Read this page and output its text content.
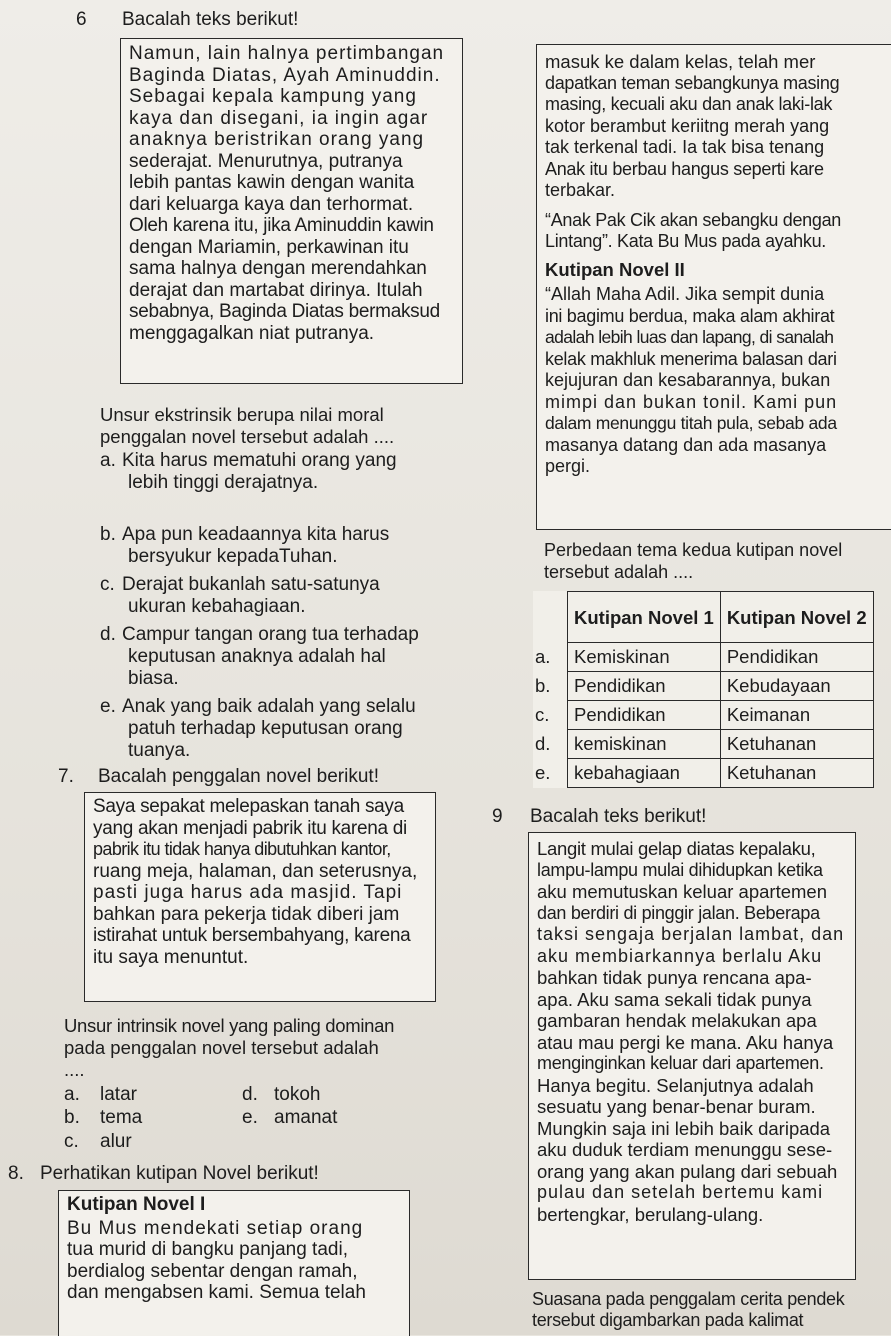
6 Bacalah teks berikut!
Namun, lain halnya pertimbangan
Baginda Diatas, Ayah Aminuddin.
Sebagai kepala kampung yang
kaya dan disegani, ia ingin agar
anaknya beristrikan orang yang
sederajat. Menurutnya, putranya
lebih pantas kawin dengan wanita
dari keluarga kaya dan terhormat.
Oleh karena itu, jika Aminuddin kawin
dengan Mariamin, perkawinan itu
sama halnya dengan merendahkan
derajat dan martabat dirinya. Itulah
sebabnya, Baginda Diatas bermaksud
menggagalkan niat putranya.
Unsur ekstrinsik berupa nilai moral
penggalan novel tersebut adalah ....
a. Kita harus mematuhi orang yang
lebih tinggi derajatnya.
b. Apa pun keadaannya kita harus
bersyukur kepadaTuhan.
c. Derajat bukanlah satu-satunya
ukuran kebahagiaan.
d. Campur tangan orang tua terhadap
keputusan anaknya adalah hal
biasa.
e. Anak yang baik adalah yang selalu
patuh terhadap keputusan orang
tuanya.
7. Bacalah penggalan novel berikut!
Saya sepakat melepaskan tanah saya
yang akan menjadi pabrik itu karena di
pabrik itu tidak hanya dibutuhkan kantor,
ruang meja, halaman, dan seterusnya,
pasti juga harus ada masjid. Tapi
bahkan para pekerja tidak diberi jam
istirahat untuk bersembahyang, karena
itu saya menuntut.
Unsur intrinsik novel yang paling dominan
pada penggalan novel tersebut adalah
....
a. latar	d. tokoh
b. tema	e. amanat
c. alur
8. Perhatikan kutipan Novel berikut!
Kutipan Novel I
Bu Mus mendekati setiap orang
tua murid di bangku panjang tadi,
berdialog sebentar dengan ramah,
dan mengabsen kami. Semua telah
masuk ke dalam kelas, telah mer
dapatkan teman sebangkunya masing
masing, kecuali aku dan anak laki-lak
kotor berambut keriitng merah yang
tak terkenal tadi. Ia tak bisa tenang
Anak itu berbau hangus seperti kare
terbakar.
“Anak Pak Cik akan sebangku dengan
Lintang”. Kata Bu Mus pada ayahku.
Kutipan Novel II
“Allah Maha Adil. Jika sempit dunia
ini bagimu berdua, maka alam akhirat
adalah lebih luas dan lapang, di sanalah
kelak makhluk menerima balasan dari
kejujuran dan kesabarannya, bukan
mimpi dan bukan tonil. Kami pun
dalam menunggu titah pula, sebab ada
masanya datang dan ada masanya
pergi.
Perbedaan tema kedua kutipan novel
tersebut adalah ....
	Kutipan Novel 1	Kutipan Novel 2
a.	Kemiskinan	Pendidikan
b.	Pendidikan	Kebudayaan
c.	Pendidikan	Keimanan
d.	kemiskinan	Ketuhanan
e.	kebahagiaan	Ketuhanan
9 Bacalah teks berikut!
Langit mulai gelap diatas kepalaku,
lampu-lampu mulai dihidupkan ketika
aku memutuskan keluar apartemen
dan berdiri di pinggir jalan. Beberapa
taksi sengaja berjalan lambat, dan
aku membiarkannya berlalu Aku
bahkan tidak punya rencana apa-
apa. Aku sama sekali tidak punya
gambaran hendak melakukan apa
atau mau pergi ke mana. Aku hanya
menginginkan keluar dari apartemen.
Hanya begitu. Selanjutnya adalah
sesuatu yang benar-benar buram.
Mungkin saja ini lebih baik daripada
aku duduk terdiam menunggu sese-
orang yang akan pulang dari sebuah
pulau dan setelah bertemu kami
bertengkar, berulang-ulang.
Suasana pada penggalam cerita pendek
tersebut digambarkan pada kalimat
